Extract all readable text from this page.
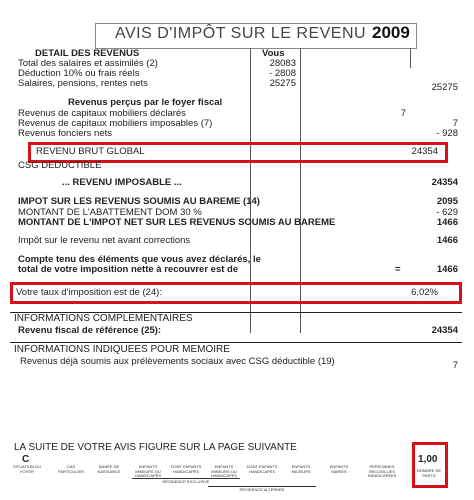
AVIS D'IMPÔT SUR LE REVENU 2009
DETAIL DES REVENUS	Vous
Total des salaires et assimilés (2)	28083
Déduction 10% ou frais réels	- 2808
Salaires, pensions, rentes nets	25275	25275
Revenus perçus par le foyer fiscal
Revenus de capitaux mobiliers déclarés	7
Revenus de capitaux mobiliers imposables (7)	7
Revenus fonciers nets	- 928
REVENU BRUT GLOBAL	24354
CSG DEDUCTIBLE
... REVENU IMPOSABLE ...	24354
IMPOT SUR LES REVENUS SOUMIS AU BAREME (14)	2095
MONTANT DE L'ABATTEMENT DOM 30 %	- 629
MONTANT DE L'IMPOT NET SUR LES REVENUS SOUMIS AU BAREME	1466
Impôt sur le revenu net avant corrections	1466
Compte tenu des éléments que vous avez déclarés, le
total de votre imposition nette à recouvrer est de	=	1466
Votre taux d'imposition est de (24):	6,02%
INFORMATIONS COMPLEMENTAIRES
Revenu fiscal de référence (25):	24354
INFORMATIONS INDIQUEES POUR MEMOIRE
Revenus déjà soumis aux prélèvements sociaux avec CSG déductible (19)	7
LA SUITE DE VOTRE AVIS FIGURE SUR LA PAGE SUIVANTE
C
SITUATION DU FOYER
CAS PARTICULIER
ANNÉE DE NAISSANCE
ENFANTS MINEURS OU HANDICAPÉS
DONT ENFANTS HANDICAPÉS
ENFANTS MINEURS OU HANDICAPÉS
DONT ENFANTS HANDICAPÉS
ENFANTS MAJEURS
ENFANTS MARIÉS
PERSONNES RECUEILLIES HANDICAPÉES
RÉSIDENCE EXCLUSIVE
RÉSIDENCE ALTERNÉE
1,00
NOMBRE DE PARTS
